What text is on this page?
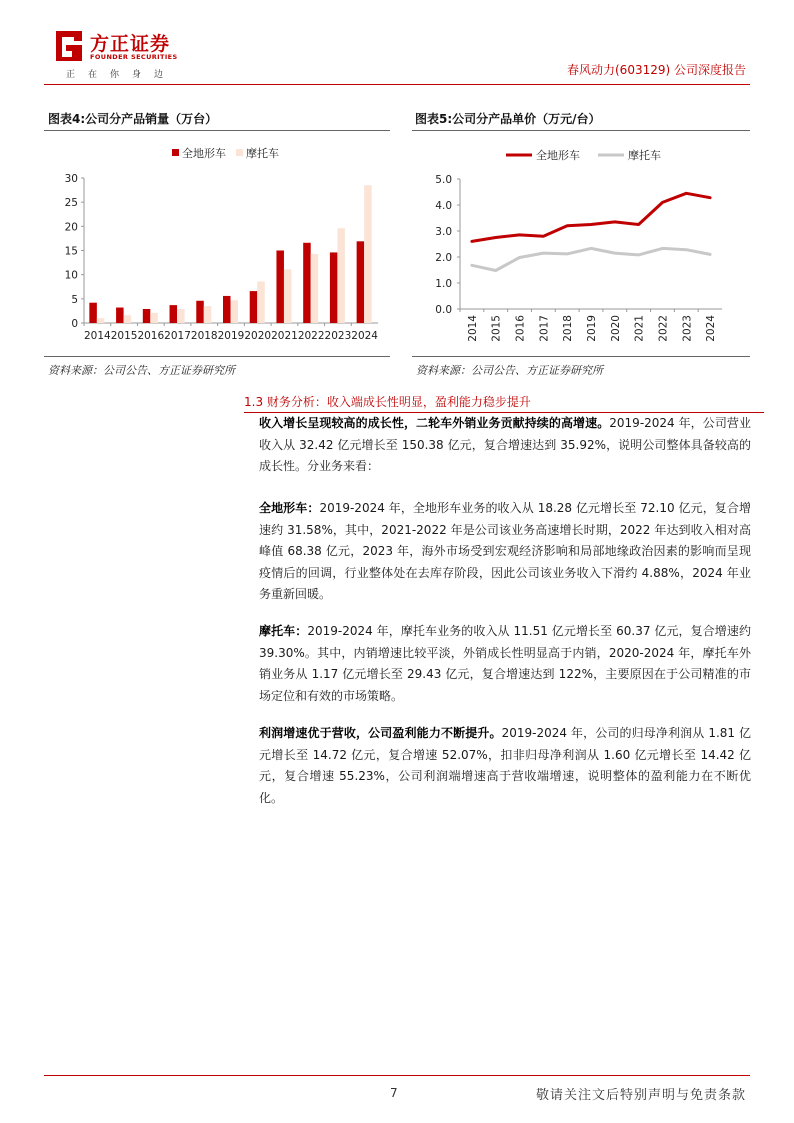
方正证券
FOUNDER SECURITIES
正在你身边	春风动力(603129) 公司深度报告
图表4:公司分产品销量（万台）
0
5
10
15
20
25
30
2014 2015 2016 2017 2018 2019 2020 2021 2022 2023 2024
全地形车 摩托车
资料来源：公司公告、方正证券研究所
图表5:公司分产品单价（万元/台）
0.0
1.0
2.0
3.0
4.0
5.0
2014 2015 2016 2017 2018 2019 2020 2021 2022 2023 2024
全地形车	摩托车
资料来源：公司公告、方正证券研究所
1.3 财务分析：收入端成长性明显，盈利能力稳步提升
收入增长呈现较高的成长性，二轮车外销业务贡献持续的高增速。2019-2024 年，公司营业收入从 32.42 亿元增长至 150.38 亿元，复合增速达到 35.92%，说明公司整体具备较高的成长性。分业务来看：
全地形车：2019-2024 年，全地形车业务的收入从 18.28 亿元增长至 72.10 亿元，复合增速约 31.58%，其中，2021-2022 年是公司该业务高速增长时期，2022 年达到收入相对高峰值 68.38 亿元，2023 年，海外市场受到宏观经济影响和局部地缘政治因素的影响而呈现疫情后的回调，行业整体处在去库存阶段，因此公司该业务收入下滑约 4.88%，2024 年业务重新回暖。
摩托车：2019-2024 年，摩托车业务的收入从 11.51 亿元增长至 60.37 亿元，复合增速约 39.30%。其中，内销增速比较平淡，外销成长性明显高于内销，2020-2024 年，摩托车外销业务从 1.17 亿元增长至 29.43 亿元，复合增速达到 122%，主要原因在于公司精准的市场定位和有效的市场策略。
利润增速优于营收，公司盈利能力不断提升。2019-2024 年，公司的归母净利润从 1.81 亿元增长至 14.72 亿元，复合增速 52.07%，扣非归母净利润从 1.60 亿元增长至 14.42 亿元，复合增速 55.23%，公司利润端增速高于营收端增速，说明整体的盈利能力在不断优化。
7	敬请关注文后特别声明与免责条款
